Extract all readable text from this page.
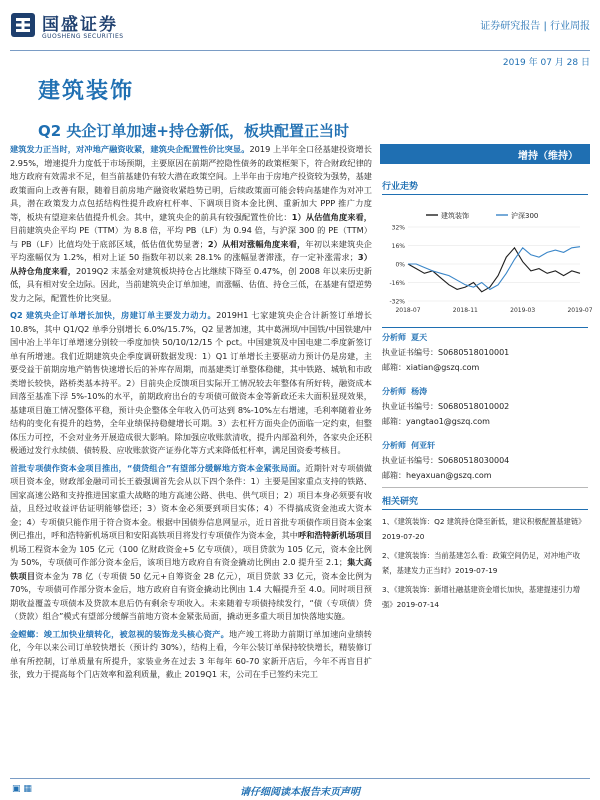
国盛证券
GUOSHENG SECURITIES
证券研究报告 | 行业周报
2019 年 07 月 28 日
建筑装饰
Q2 央企订单加速+持仓新低，板块配置正当时

建筑发力正当时，对冲地产融资收紧，建筑央企配置性价比突显。2019 上半年全口径基建投资增长 2.95%，增速提升力度低于市场预期，主要原因在前期严控隐性债务的政策框架下，符合财政纪律的地方政府有效需求不足，但当前基建仍有较大潜在政策空间。上半年由于房地产投资较为强势，基建政策面向上改善有限，随着目前房地产融资收紧趋势已明，后续政策面可能会转向基建作为对冲工具，潜在政策发力点包括结构性提升政府杠杆率、下调项目资本金比例、重新加大 PPP 推广力度等，板块有望迎来估值提升机会。其中，建筑央企的前具有较强配置性价比：1）从估值角度来看，目前建筑央企平均 PE（TTM）为 8.8 倍，平均 PB（LF）为 0.94 倍，与沪深 300 的 PE（TTM）与 PB（LF）比值均处于底部区域，低估值优势显著；2）从相对涨幅角度来看，年初以来建筑央企平均涨幅仅为 1.2%，相对上证 50 指数年初以来 28.1% 的涨幅显著滞涨，存一定补涨需求；3）从持仓角度来看，2019Q2 末基金对建筑板块持仓占比继续下降至 0.47%，创 2008 年以来历史新低，具有相对安全边际。因此，当前建筑央企订单加速，而涨幅、估值、持仓三低，在基建有望逆势发力之际，配置性价比突显。

Q2 建筑央企订单增长加快，房建订单主要发力动力。2019H1 七家建筑央企合计新签订单增长 10.8%，其中 Q1/Q2 单季分别增长 6.0%/15.7%，Q2 显著加速，其中葛洲坝/中国铁/中国铁建/中国中冶上半年订单增速分别较一季度加快 50/10/12/15 个 pct。中国建筑及中国电建二季度新签订单有所增速。我们近期建筑央企季度调研数据发现：1）Q1 订单增长主要驱动力预计仍是房建，主要受益于前期房地产销售快速增长后的补库存周期，而基建类订单整体稳健，其中铁路、城轨和市政类增长较快，路桥类基本持平。2）目前央企反馈项目实际开工情况较去年整体有所好转，融资成本回落至基准下浮 5%-10%的水平，前期政府出台的专项债可做资本金等新政还未大面积显现效果，基建项目施工情况整体平稳，预计央企整体全年收入仍可达到 8%-10%左右增速，毛利率随着业务结构的变化有提升的趋势，全年业绩保持稳健增长可期。3）去杠杆方面央企仍面临一定约束，但整体压力可控，不会对业务开展造成很大影响。除加强应收账款清收，提升内部盈利外，各家央企还积极通过发行永续债、债转股、应收账款资产证券化等方式来降低杠杆率，满足国资委考核目。

首批专项债作资本金项目推出，“债贷组合”有望部分缓解地方资本金紧张局面。近期针对专项债做项目资本金，财政部金融司司长王毅强调首先会从以下四个条件：1）主要是国家重点支持的铁路、国家高速公路和支持推进国家重大战略的地方高速公路、供电、供气项目；2）项目本身必须要有收益，且经过收益评估证明能够偿还；3）资本金必须要到项目实体；4）不得搞成资金池或大资本金；4）专项债只能作用于符合资本金。根据中国债券信息网显示，近日首批专项债作项目资本金案例已推出，呼和浩特新机场项目和安阳高铁项目将发行专项债作为资本金，其中呼和浩特新机场项目机场工程资本金为 105 亿元（100 亿财政资金+5 亿专项债），项目贷款为 105 亿元，资本金比例为 50%，专项债可作部分资本金后，该项目地方政府自有资金撬动比例由 2.0 提升至 2.1；集大高铁项目资本金为 78 亿（专项债 50 亿元+自筹资金 28 亿元），项目贷款 33 亿元，资本金比例为 70%，专项债可作部分资本金后，地方政府自有资金撬动比例由 1.4 大幅提升至 4.0。同时项目预期收益覆盖专项债本及贷款本息后仍有剩余专项收入。未来随着专项债持续发行，“债（专项债）贷（贷款）组合”模式有望部分缓解当前地方资本金紧张局面，撬动更多重大项目加快落地实施。

金螳螂：竣工加快业绩转化，被忽视的装饰龙头核心资产。地产竣工将助力前期订单加速向业绩转化，今年以来公司订单较快增长（预计约 30%），结构上看，今年公装订单保持较快增长，精装修订单有所控制，订单质量有所提升，家装业务在过去 3 年每年 60-70 家新开店后，今年不再盲目扩张，致力于提高每个门店效率和盈利质量，截止 2019Q1 末，公司在手已签约未完工

增持（维持）
行业走势
建筑装饰	沪深300
32%
16%
0%
-16%
-32%
2018-07	2018-11	2019-03	2019-07
分析师 夏天
执业证书编号：S0680518010001
邮箱：xiatian@gszq.com
分析师 杨涛
执业证书编号：S0680518010002
邮箱：yangtao1@gszq.com
分析师 何亚轩
执业证书编号：S0680518030004
邮箱：heyaxuan@gszq.com
相关研究
1、《建筑装饰：Q2 建筑持仓降至新低，建议积极配置基建链》2019-07-20
2、《建筑装饰：当前基建怎么看：政策空间仍足，对冲地产收紧，基建发力正当时》2019-07-19
3、《建筑装饰：新增社融基建资金增长加快，基建提速引力增强》2019-07-14
▣ ▦	请仔细阅读本报告末页声明
